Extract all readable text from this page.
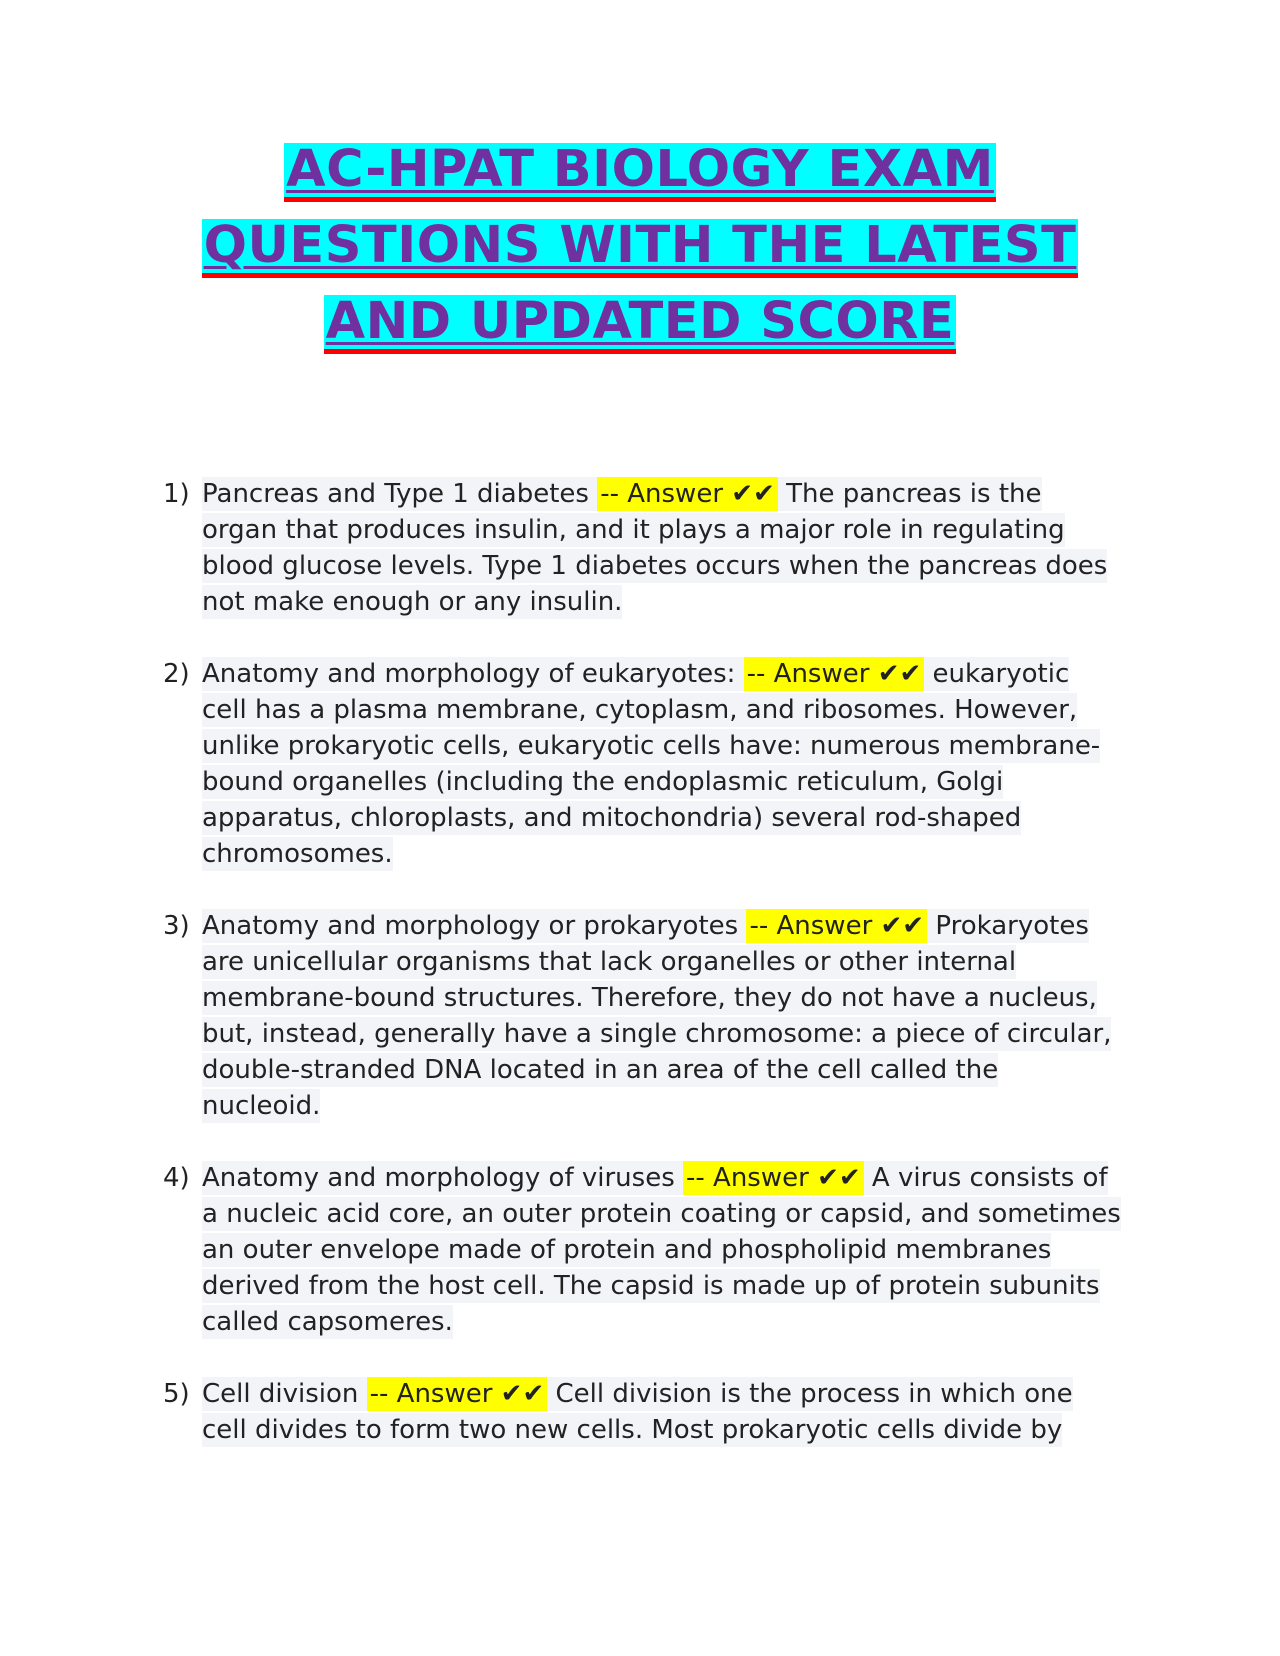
AC-HPAT BIOLOGY EXAM
QUESTIONS WITH THE LATEST
AND UPDATED SCORE
1) Pancreas and Type 1 diabetes -- Answer ✔✔ The pancreas is the organ that produces insulin, and it plays a major role in regulating blood glucose levels. Type 1 diabetes occurs when the pancreas does not make enough or any insulin.
2) Anatomy and morphology of eukaryotes: -- Answer ✔✔ eukaryotic cell has a plasma membrane, cytoplasm, and ribosomes. However, unlike prokaryotic cells, eukaryotic cells have: numerous membrane-bound organelles (including the endoplasmic reticulum, Golgi apparatus, chloroplasts, and mitochondria) several rod-shaped chromosomes.
3) Anatomy and morphology or prokaryotes -- Answer ✔✔ Prokaryotes are unicellular organisms that lack organelles or other internal membrane-bound structures. Therefore, they do not have a nucleus, but, instead, generally have a single chromosome: a piece of circular, double-stranded DNA located in an area of the cell called the nucleoid.
4) Anatomy and morphology of viruses -- Answer ✔✔ A virus consists of a nucleic acid core, an outer protein coating or capsid, and sometimes an outer envelope made of protein and phospholipid membranes derived from the host cell. The capsid is made up of protein subunits called capsomeres.
5) Cell division -- Answer ✔✔ Cell division is the process in which one cell divides to form two new cells. Most prokaryotic cells divide by
